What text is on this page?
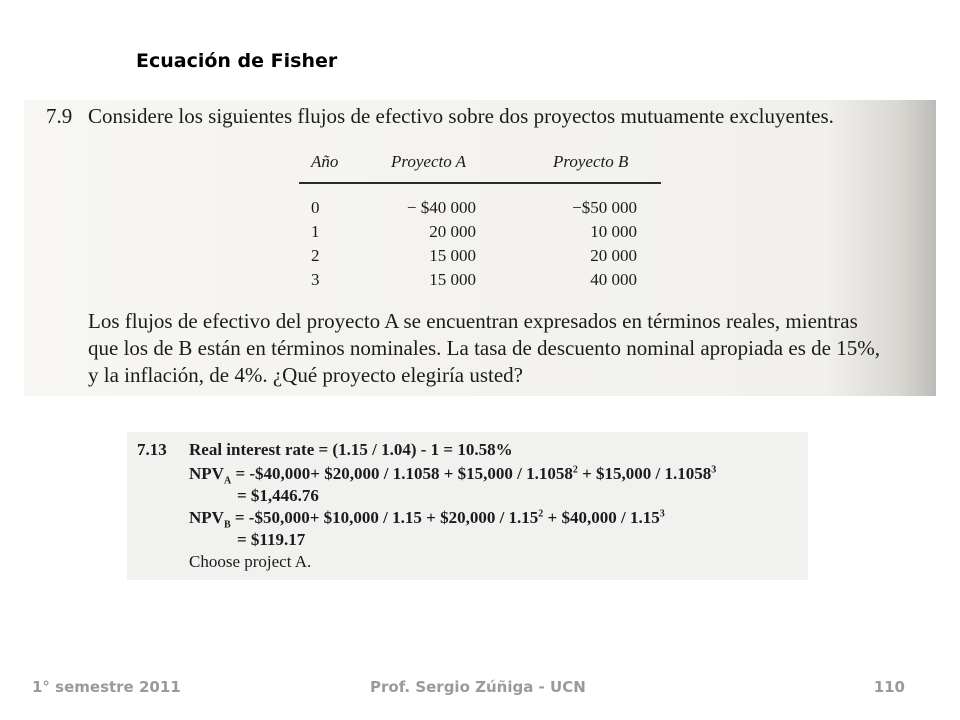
Ecuación de Fisher
7.9 Considere los siguientes flujos de efectivo sobre dos proyectos mutuamente excluyentes.
Año	Proyecto A	Proyecto B
0	− $40 000	−$50 000
1	20 000	10 000
2	15 000	20 000
3	15 000	40 000
Los flujos de efectivo del proyecto A se encuentran expresados en términos reales, mientras
que los de B están en términos nominales. La tasa de descuento nominal apropiada es de 15%,
y la inflación, de 4%. ¿Qué proyecto elegiría usted?
7.13 Real interest rate = (1.15 / 1.04) - 1 = 10.58%
$NPV_A$ = -$40,000+ $20,000 / 1.1058 + $15,000 / $1.1058^2$ + $15,000 / $1.1058^3$
= $1,446.76
$NPV_B$ = -$50,000+ $10,000 / 1.15 + $20,000 / $1.15^2$ + $40,000 / $1.15^3$
= $119.17
Choose project A.
1° semestre 2011	Prof. Sergio Zúñiga - UCN	110
